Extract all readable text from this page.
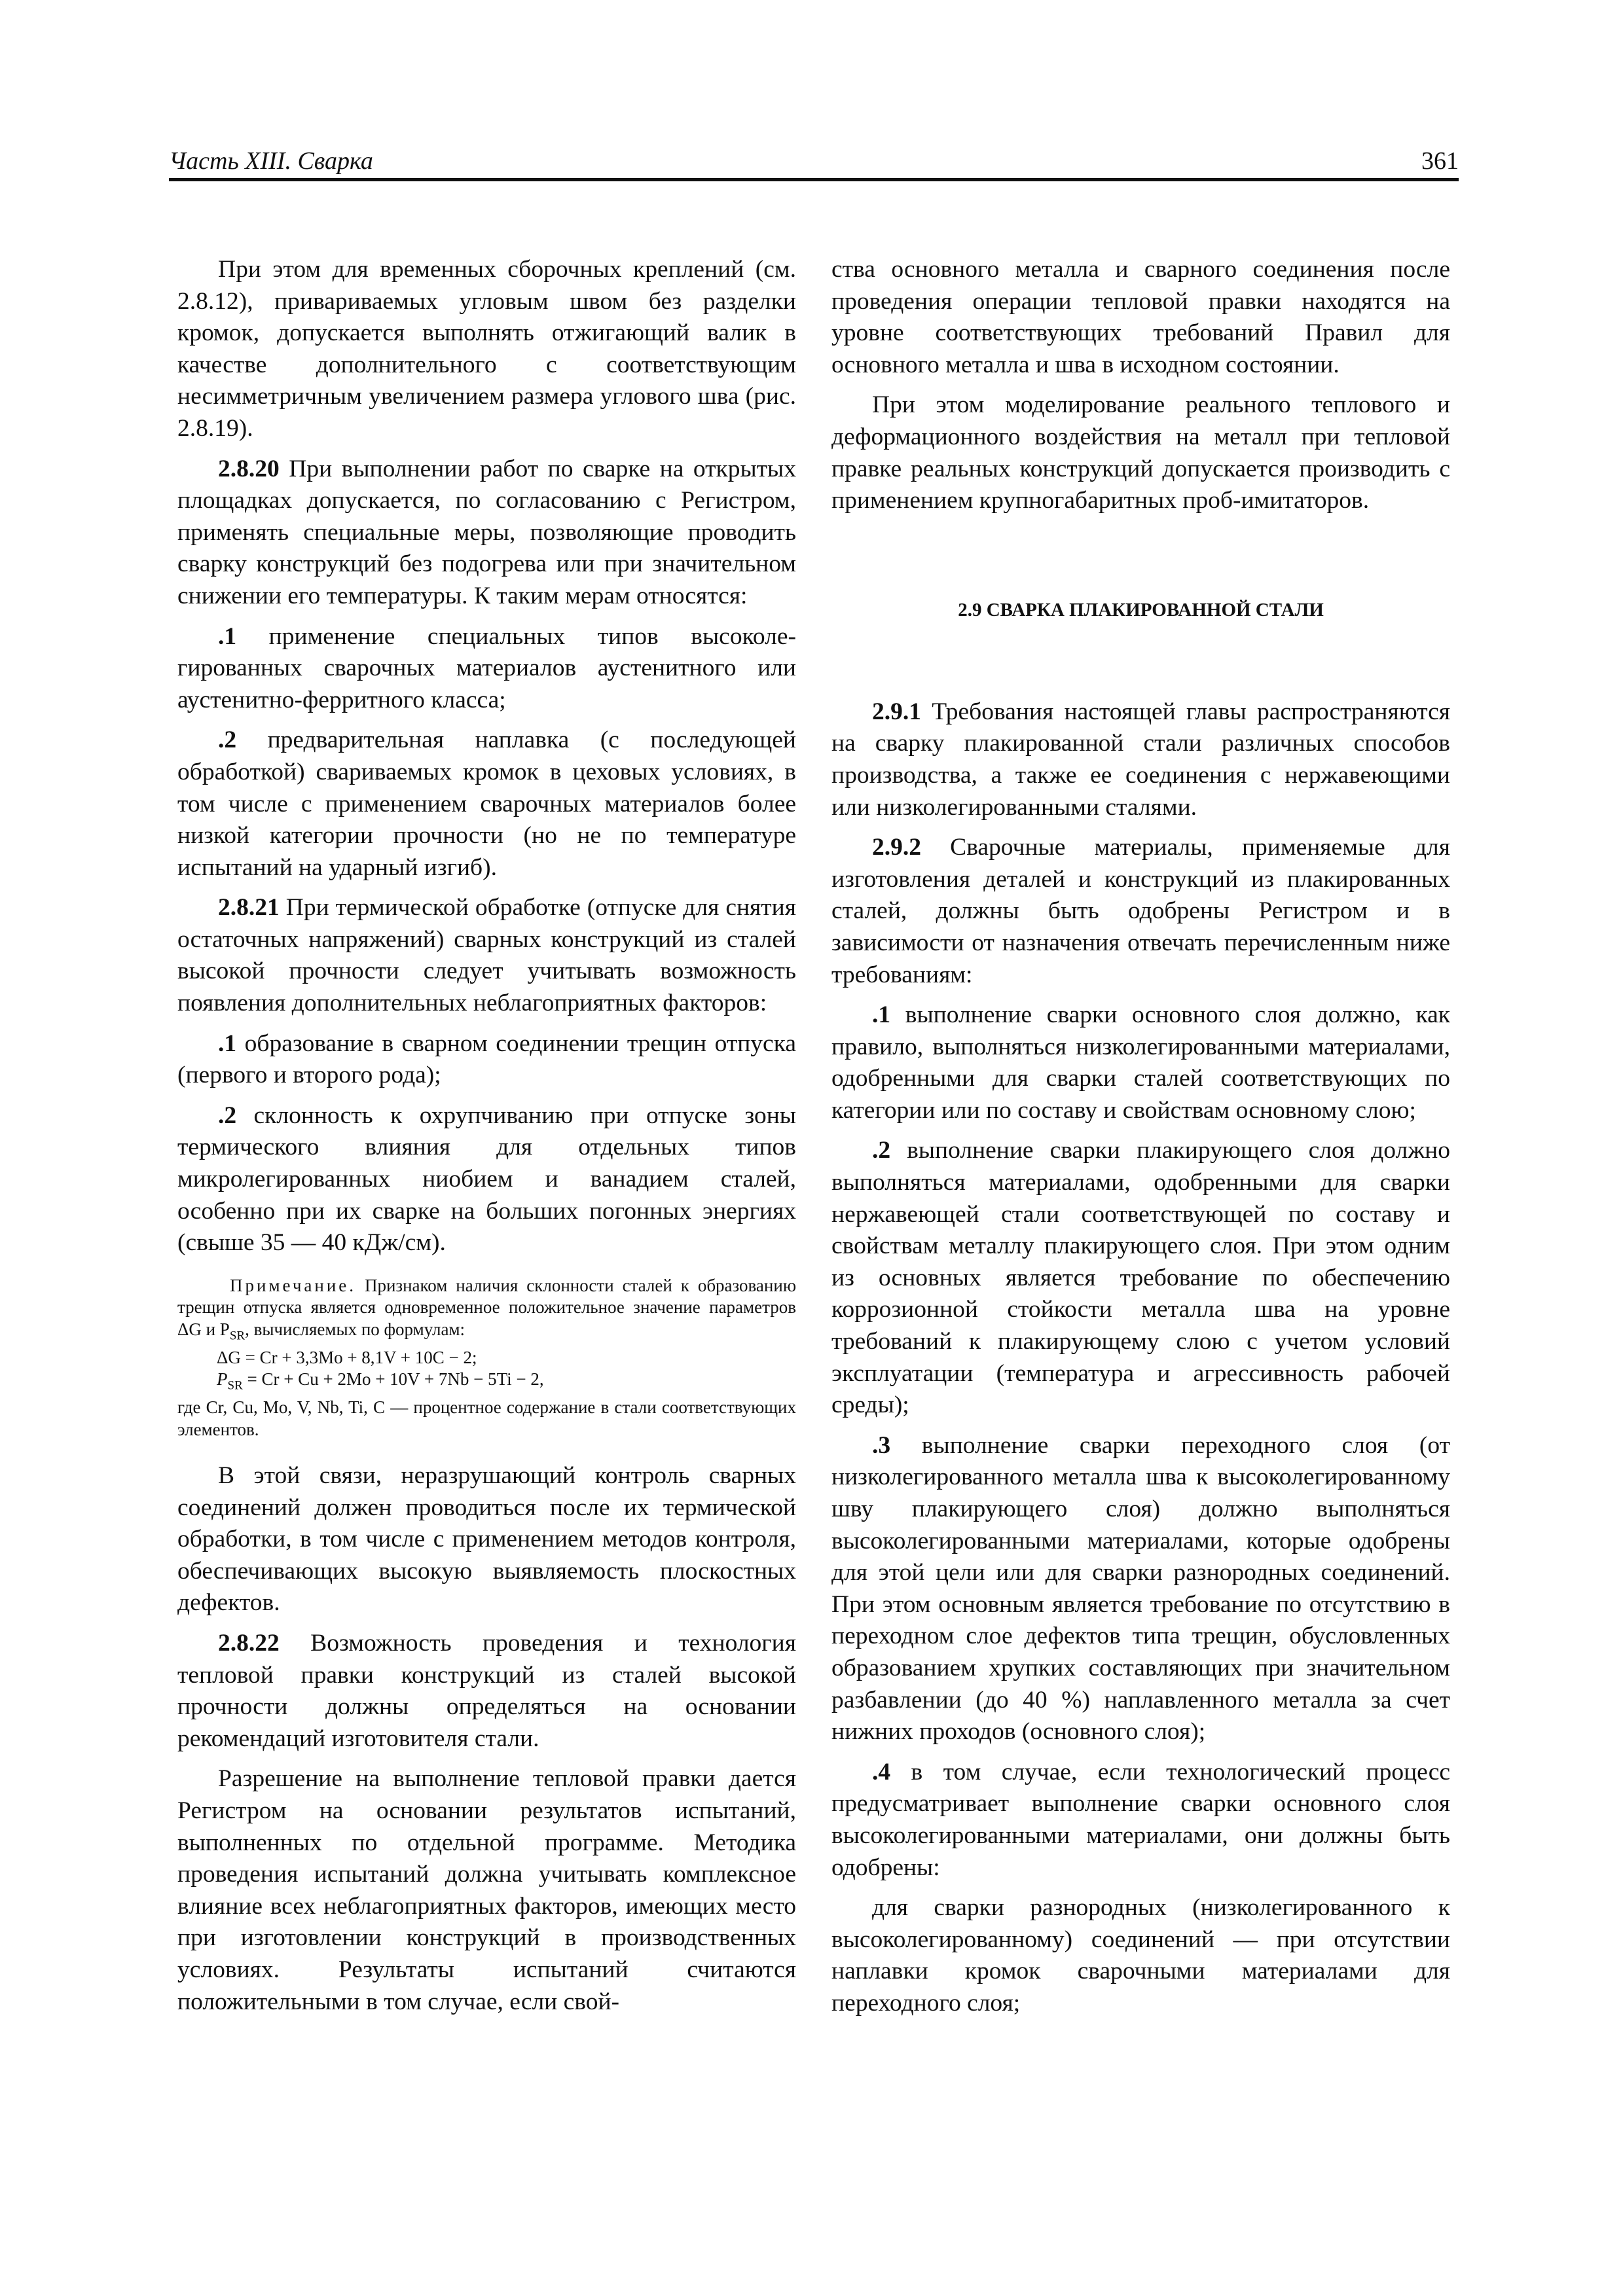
Часть XIII. Сварка	361

При этом для временных сборочных креплений (см. 2.8.12), привариваемых угловым швом без разделки кромок, допускается выполнять отжигающий валик в качестве дополнительного с соответствующим несимметричным увеличением размера углового шва (рис. 2.8.19).

2.8.20 При выполнении работ по сварке на открытых площадках допускается, по согласованию с Регистром, применять специальные меры, позволяющие проводить сварку конструкций без подогрева или при значительном снижении его температуры. К таким мерам относятся:

.1 применение специальных типов высоколегированных сварочных материалов аустенитного или аустенитно-ферритного класса;

.2 предварительная наплавка (с последующей обработкой) свариваемых кромок в цеховых условиях, в том числе с применением сварочных материалов более низкой категории прочности (но не по температуре испытаний на ударный изгиб).

2.8.21 При термической обработке (отпуске для снятия остаточных напряжений) сварных конструкций из сталей высокой прочности следует учитывать возможность появления дополнительных неблагоприятных факторов:

.1 образование в сварном соединении трещин отпуска (первого и второго рода);

.2 склонность к охрупчиванию при отпуске зоны термического влияния для отдельных типов микролегированных ниобием и ванадием сталей, особенно при их сварке на больших погонных энергиях (свыше 35 — 40 кДж/см).

Примечание. Признаком наличия склонности сталей к образованию трещин отпуска является одновременное положительное значение параметров ΔG и $P_{SR}$, вычисляемых по формулам:
ΔG = Cr + 3,3Mo + 8,1V + 10C − 2;
$P_{SR} = Cr + Cu + 2Mo + 10V + 7Nb - 5Ti - 2$,
где Cr, Cu, Mo, V, Nb, Ti, C — процентное содержание в стали соответствующих элементов.

В этой связи, неразрушающий контроль сварных соединений должен проводиться после их термической обработки, в том числе с применением методов контроля, обеспечивающих высокую выявляемость плоскостных дефектов.

2.8.22 Возможность проведения и технология тепловой правки конструкций из сталей высокой прочности должны определяться на основании рекомендаций изготовителя стали.

Разрешение на выполнение тепловой правки дается Регистром на основании результатов испытаний, выполненных по отдельной программе. Методика проведения испытаний должна учитывать комплексное влияние всех неблагоприятных факторов, имеющих место при изготовлении конструкций в производственных условиях. Результаты испытаний считаются положительными в том случае, если свой-

ства основного металла и сварного соединения после проведения операции тепловой правки находятся на уровне соответствующих требований Правил для основного металла и шва в исходном состоянии.

При этом моделирование реального теплового и деформационного воздействия на металл при тепловой правке реальных конструкций допускается производить с применением крупногабаритных проб-имитаторов.

2.9 СВАРКА ПЛАКИРОВАННОЙ СТАЛИ

2.9.1 Требования настоящей главы распространяются на сварку плакированной стали различных способов производства, а также ее соединения с нержавеющими или низколегированными сталями.

2.9.2 Сварочные материалы, применяемые для изготовления деталей и конструкций из плакированных сталей, должны быть одобрены Регистром и в зависимости от назначения отвечать перечисленным ниже требованиям:

.1 выполнение сварки основного слоя должно, как правило, выполняться низколегированными материалами, одобренными для сварки сталей соответствующих по категории или по составу и свойствам основному слою;

.2 выполнение сварки плакирующего слоя должно выполняться материалами, одобренными для сварки нержавеющей стали соответствующей по составу и свойствам металлу плакирующего слоя. При этом одним из основных является требование по обеспечению коррозионной стойкости металла шва на уровне требований к плакирующему слою с учетом условий эксплуатации (температура и агрессивность рабочей среды);

.3 выполнение сварки переходного слоя (от низколегированного металла шва к высоколегированному шву плакирующего слоя) должно выполняться высоколегированными материалами, которые одобрены для этой цели или для сварки разнородных соединений. При этом основным является требование по отсутствию в переходном слое дефектов типа трещин, обусловленных образованием хрупких составляющих при значительном разбавлении (до 40 %) наплавленного металла за счет нижних проходов (основного слоя);

.4 в том случае, если технологический процесс предусматривает выполнение сварки основного слоя высоколегированными материалами, они должны быть одобрены:

для сварки разнородных (низколегированного к высоколегированному) соединений — при отсутствии наплавки кромок сварочными материалами для переходного слоя;
